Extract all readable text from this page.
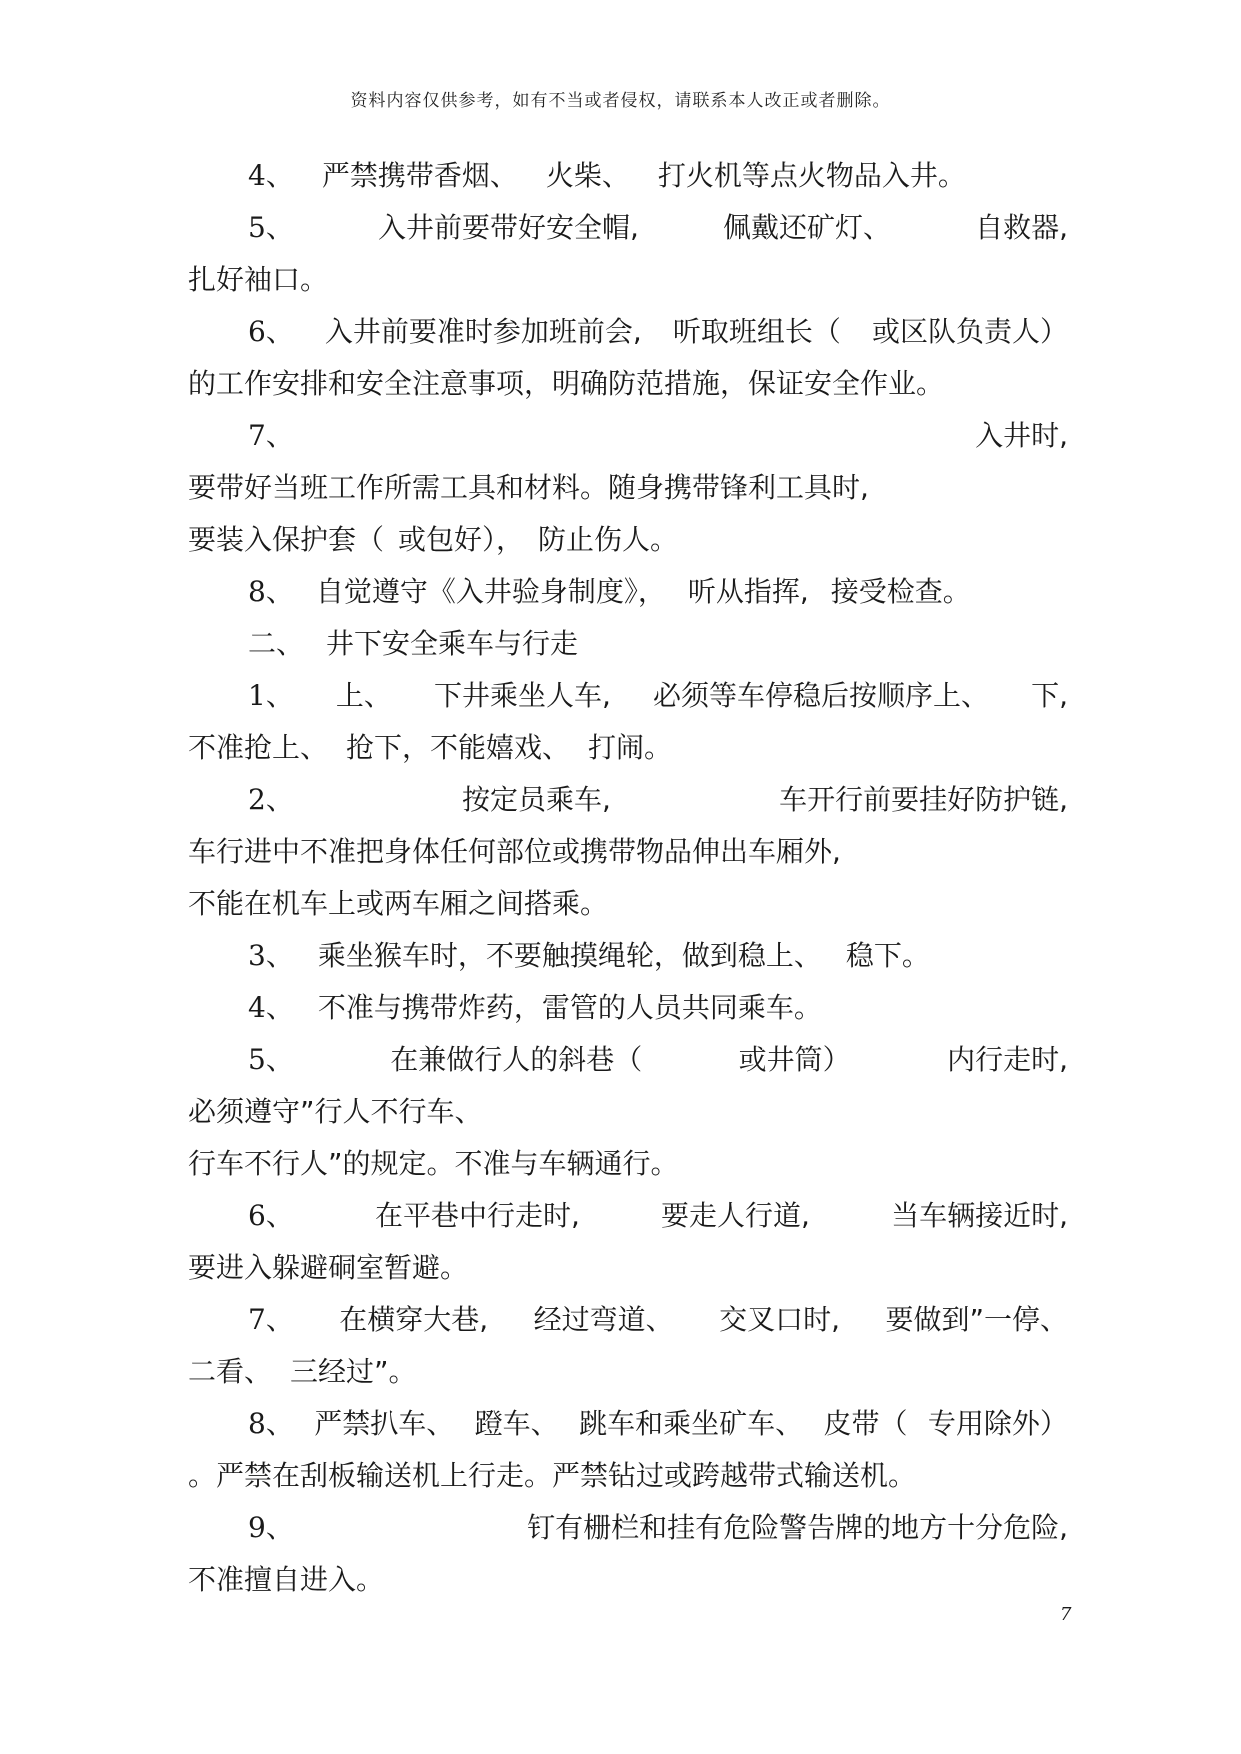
资料内容仅供参考，如有不当或者侵权，请联系本人改正或者删除。
4、 严禁携带香烟、 火柴、 打火机等点火物品入井。
5、	入井前要带好安全帽,	佩戴还矿灯、	自救器,
扎好袖口。
6、 入井前要准时参加班前会, 听取班组长（ 或区队负责人）
的工作安排和安全注意事项，明确防范措施，保证安全作业。
7、	入井时,
要带好当班工作所需工具和材料。随身携带锋利工具时,
要装入保护套（ 或包好）， 防止伤人。
8、 自觉遵守《入井验身制度》， 听从指挥, 接受检查。
二、 井下安全乘车与行走
1、 上、 下井乘坐人车, 必须等车停稳后按顺序上、 下,
不准抢上、 抢下，不能嬉戏、 打闹。
2、	按定员乘车,	车开行前要挂好防护链,
车行进中不准把身体任何部位或携带物品伸出车厢外,
不能在机车上或两车厢之间搭乘。
3、 乘坐猴车时，不要触摸绳轮，做到稳上、 稳下。
4、 不准与携带炸药，雷管的人员共同乘车。
5、	在兼做行人的斜巷（	或井筒）	内行走时,
必须遵守”行人不行车、
行车不行人”的规定。不准与车辆通行。
6、	在平巷中行走时,	要走人行道,	当车辆接近时,
要进入躲避硐室暂避。
7、 在横穿大巷, 经过弯道、 交叉口时, 要做到”一停、
二看、 三经过”。
8、 严禁扒车、 蹬车、 跳车和乘坐矿车、 皮带（ 专用除外）
。严禁在刮板输送机上行走。严禁钻过或跨越带式输送机。
9、	钉有栅栏和挂有危险警告牌的地方十分危险,
不准擅自进入。
7
